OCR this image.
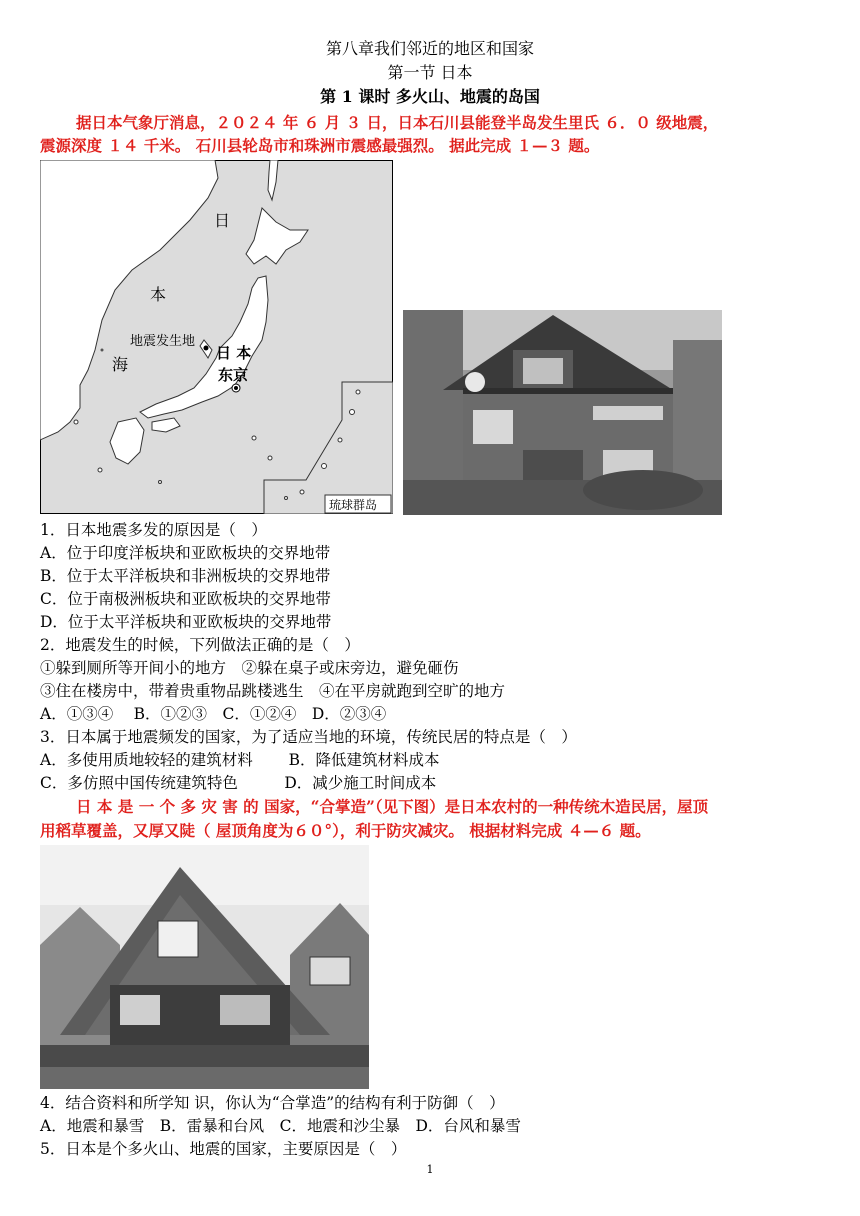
第八章我们邻近的地区和国家
第一节 日本
第 1 课时 多火山、地震的岛国
据日本气象厅消息，２０２４ 年 ６ 月 ３ 日，日本石川县能登半岛发生里氏 ６．０ 级地震，
震源深度 １４ 千米。 石川县轮岛市和珠洲市震感最强烈。 据此完成 １—３ 题。
日
本
海
地震发生地
日 本
东京
琉球群岛
1．日本地震多发的原因是（　）
A．位于印度洋板块和亚欧板块的交界地带
B．位于太平洋板块和非洲板块的交界地带
C．位于南极洲板块和亚欧板块的交界地带
D．位于太平洋板块和亚欧板块的交界地带
2．地震发生的时候，下列做法正确的是（　）
①躲到厕所等开间小的地方　②躲在桌子或床旁边，避免砸伤
③住在楼房中，带着贵重物品跳楼逃生　④在平房就跑到空旷的地方
A．①③④　 B．①②③　C．①②④　D．②③④
3．日本属于地震频发的国家，为了适应当地的环境，传统民居的特点是（　）
A．多使用质地较轻的建筑材料　　 B．降低建筑材料成本
C．多仿照中国传统建筑特色　　　D．减少施工时间成本
日 本 是 一 个 多 灾 害 的 国家，“合掌造”（见下图）是日本农村的一种传统木造民居，屋顶
用稻草覆盖，又厚又陡（ 屋顶角度为６０°），利于防灾减灾。 根据材料完成 ４—６ 题。
4．结合资料和所学知 识，你认为“合掌造”的结构有利于防御（　）
A．地震和暴雪　B．雷暴和台风　C．地震和沙尘暴　D．台风和暴雪
5．日本是个多火山、地震的国家，主要原因是（　）
1
